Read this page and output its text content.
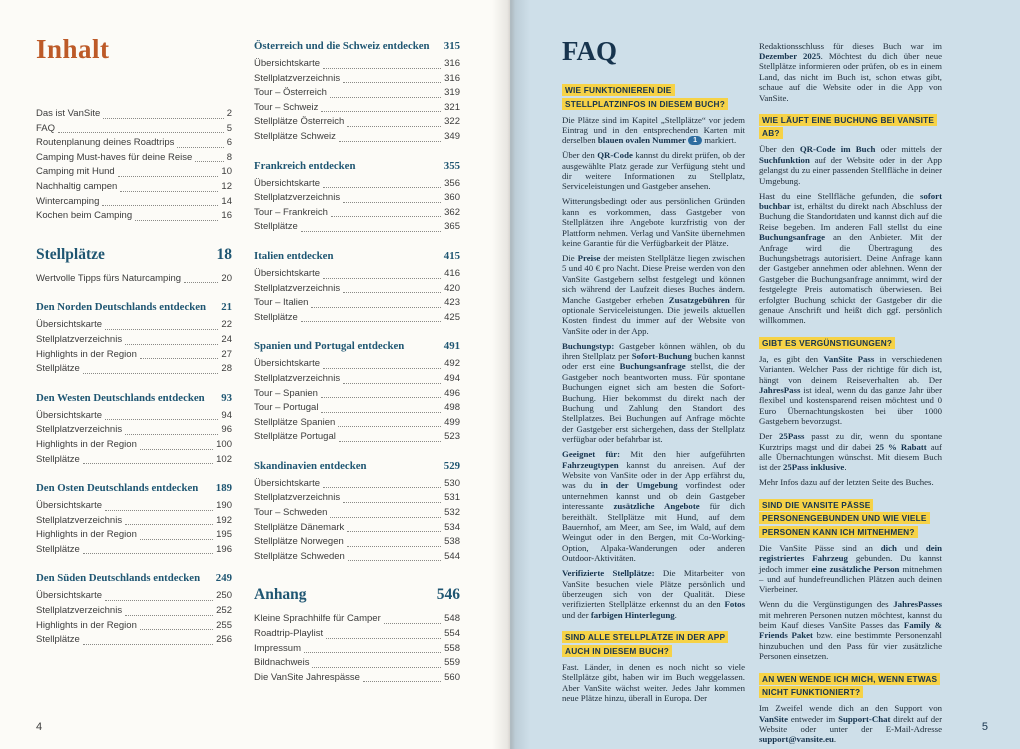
Inhalt
Das ist VanSite	2
FAQ	5
Routenplanung deines Roadtrips	6
Camping Must-haves für deine Reise	8
Camping mit Hund	10
Nachhaltig campen	12
Wintercamping	14
Kochen beim Camping	16
Stellplätze	18
Wertvolle Tipps fürs Naturcamping	20
Den Norden Deutschlands entdecken 21
Übersichtskarte	22
Stellplatzverzeichnis	24
Highlights in der Region	27
Stellplätze	28
Den Westen Deutschlands entdecken 93
Übersichtskarte	94
Stellplatzverzeichnis	96
Highlights in der Region	100
Stellplätze	102
Den Osten Deutschlands entdecken 189
Übersichtskarte	190
Stellplatzverzeichnis	192
Highlights in der Region	195
Stellplätze	196
Den Süden Deutschlands entdecken 249
Übersichtskarte	250
Stellplatzverzeichnis	252
Highlights in der Region	255
Stellplätze	256
Österreich und die Schweiz entdecken 315
Übersichtskarte	316
Stellplatzverzeichnis	316
Tour – Österreich	319
Tour – Schweiz	321
Stellplätze Österreich	322
Stellplätze Schweiz	349
Frankreich entdecken	355
Übersichtskarte	356
Stellplatzverzeichnis	360
Tour – Frankreich	362
Stellplätze	365
Italien entdecken	415
Übersichtskarte	416
Stellplatzverzeichnis	420
Tour – Italien	423
Stellplätze	425
Spanien und Portugal entdecken	491
Übersichtskarte	492
Stellplatzverzeichnis	494
Tour – Spanien	496
Tour – Portugal	498
Stellplätze Spanien	499
Stellplätze Portugal	523
Skandinavien entdecken	529
Übersichtskarte	530
Stellplatzverzeichnis	531
Tour – Schweden	532
Stellplätze Dänemark	534
Stellplätze Norwegen	538
Stellplätze Schweden	544
Anhang	546
Kleine Sprachhilfe für Camper	548
Roadtrip-Playlist	554
Impressum	558
Bildnachweis	559
Die VanSite Jahrespässe	560
4
FAQ
WIE FUNKTIONIEREN DIE STELLPLATZINFOS IN DIESEM BUCH?

Die Plätze sind im Kapitel „Stellplätze“ vor jedem Eintrag und in den entsprechenden Karten mit derselben blauen ovalen Nummer 1 markiert.

Über den QR-Code kannst du direkt prüfen, ob der ausgewählte Platz gerade zur Verfügung steht und dir weitere Informationen zu Stellplatz, Serviceleistungen und Gastgeber ansehen.

Witterungsbedingt oder aus persönlichen Gründen kann es vorkommen, dass Gastgeber von Stellplätzen ihre Angebote kurzfristig von der Plattform nehmen. Verlag und VanSite übernehmen keine Garantie für die Verfügbarkeit der Plätze.

Die Preise der meisten Stellplätze liegen zwischen 5 und 40 € pro Nacht. Diese Preise werden von den VanSite Gastgebern selbst festgelegt und können sich während der Laufzeit dieses Buches ändern. Manche Gastgeber erheben Zusatzgebühren für optionale Serviceleistungen. Die jeweils aktuellen Kosten findest du immer auf der Website von VanSite oder in der App.

Buchungstyp: Gastgeber können wählen, ob du ihren Stellplatz per Sofort-Buchung buchen kannst oder erst eine Buchungsanfrage stellst, die der Gastgeber noch beantworten muss. Für spontane Buchungen eignet sich am besten die Sofort-Buchung. Hier bekommst du direkt nach der Buchung und Zahlung den Standort des Stellplatzes. Bei Buchungen auf Anfrage möchte der Gastgeber erst sichergehen, dass der Stellplatz verfügbar oder befahrbar ist.

Geeignet für: Mit den hier aufgeführten Fahrzeugtypen kannst du anreisen. Auf der Website von VanSite oder in der App erfährst du, was du in der Umgebung vorfindest oder unternehmen kannst und ob dein Gastgeber interessante zusätzliche Angebote für dich bereithält. Stellplätze mit Hund, auf dem Bauernhof, am Meer, am See, im Wald, auf dem Weingut oder in den Bergen, mit Co-Working-Option, Alpaka-Wanderungen oder anderen Outdoor-Aktivitäten.

Verifizierte Stellplätze: Die Mitarbeiter von VanSite besuchen viele Plätze persönlich und überzeugen sich von der Qualität. Diese verifizierten Stellplätze erkennst du an den Fotos und der farbigen Hinterlegung.

SIND ALLE STELLPLÄTZE IN DER APP AUCH IN DIESEM BUCH?

Fast. Länder, in denen es noch nicht so viele Stellplätze gibt, haben wir im Buch weggelassen. Aber VanSite wächst weiter. Jedes Jahr kommen neue Plätze hinzu, überall in Europa. Der

Redaktionsschluss für dieses Buch war im Dezember 2025. Möchtest du dich über neue Stellplätze informieren oder prüfen, ob es in einem Land, das nicht im Buch ist, schon etwas gibt, schaue auf die Website oder in die App von VanSite.

WIE LÄUFT EINE BUCHUNG BEI VANSITE AB?

Über den QR-Code im Buch oder mittels der Suchfunktion auf der Website oder in der App gelangst du zu einer passenden Stellfläche in deiner Umgebung.

Hast du eine Stellfläche gefunden, die sofort buchbar ist, erhältst du direkt nach Abschluss der Buchung die Standortdaten und kannst dich auf die Reise begeben. Im anderen Fall stellst du eine Buchungsanfrage an den Anbieter. Mit der Anfrage wird die Übertragung des Buchungsbetrags autorisiert. Deine Anfrage kann der Gastgeber annehmen oder ablehnen. Wenn der Gastgeber die Buchungsanfrage annimmt, wird der festgelegte Preis automatisch überwiesen. Bei erfolgter Buchung schickt der Gastgeber dir die genaue Anschrift und heißt dich ggf. persönlich willkommen.

GIBT ES VERGÜNSTIGUNGEN?

Ja, es gibt den VanSite Pass in verschiedenen Varianten. Welcher Pass der richtige für dich ist, hängt von deinem Reiseverhalten ab. Der JahresPass ist ideal, wenn du das ganze Jahr über flexibel und kostensparend reisen möchtest und 0 Euro Übernachtungskosten bei über 1000 Gastgebern bevorzugst.

Der 25Pass passt zu dir, wenn du spontane Kurztrips magst und dir dabei 25 % Rabatt auf alle Übernachtungen wünschst. Mit diesem Buch ist der 25Pass inklusive.

Mehr Infos dazu auf der letzten Seite des Buches.

SIND DIE VANSITE PÄSSE PERSONENGEBUNDEN UND WIE VIELE PERSONEN KANN ICH MITNEHMEN?

Die VanSite Pässe sind an dich und dein registriertes Fahrzeug gebunden. Du kannst jedoch immer eine zusätzliche Person mitnehmen – und auf hundefreundlichen Plätzen auch deinen Vierbeiner.

Wenn du die Vergünstigungen des JahresPasses mit mehreren Personen nutzen möchtest, kannst du beim Kauf dieses VanSite Passes das Family & Friends Paket bzw. eine bestimmte Personenzahl hinzubuchen und den Pass für vier zusätzliche Personen einsetzen.

AN WEN WENDE ICH MICH, WENN ETWAS NICHT FUNKTIONIERT?

Im Zweifel wende dich an den Support von VanSite entweder im Support-Chat direkt auf der Website oder unter der E-Mail-Adresse support@vansite.eu.

5
